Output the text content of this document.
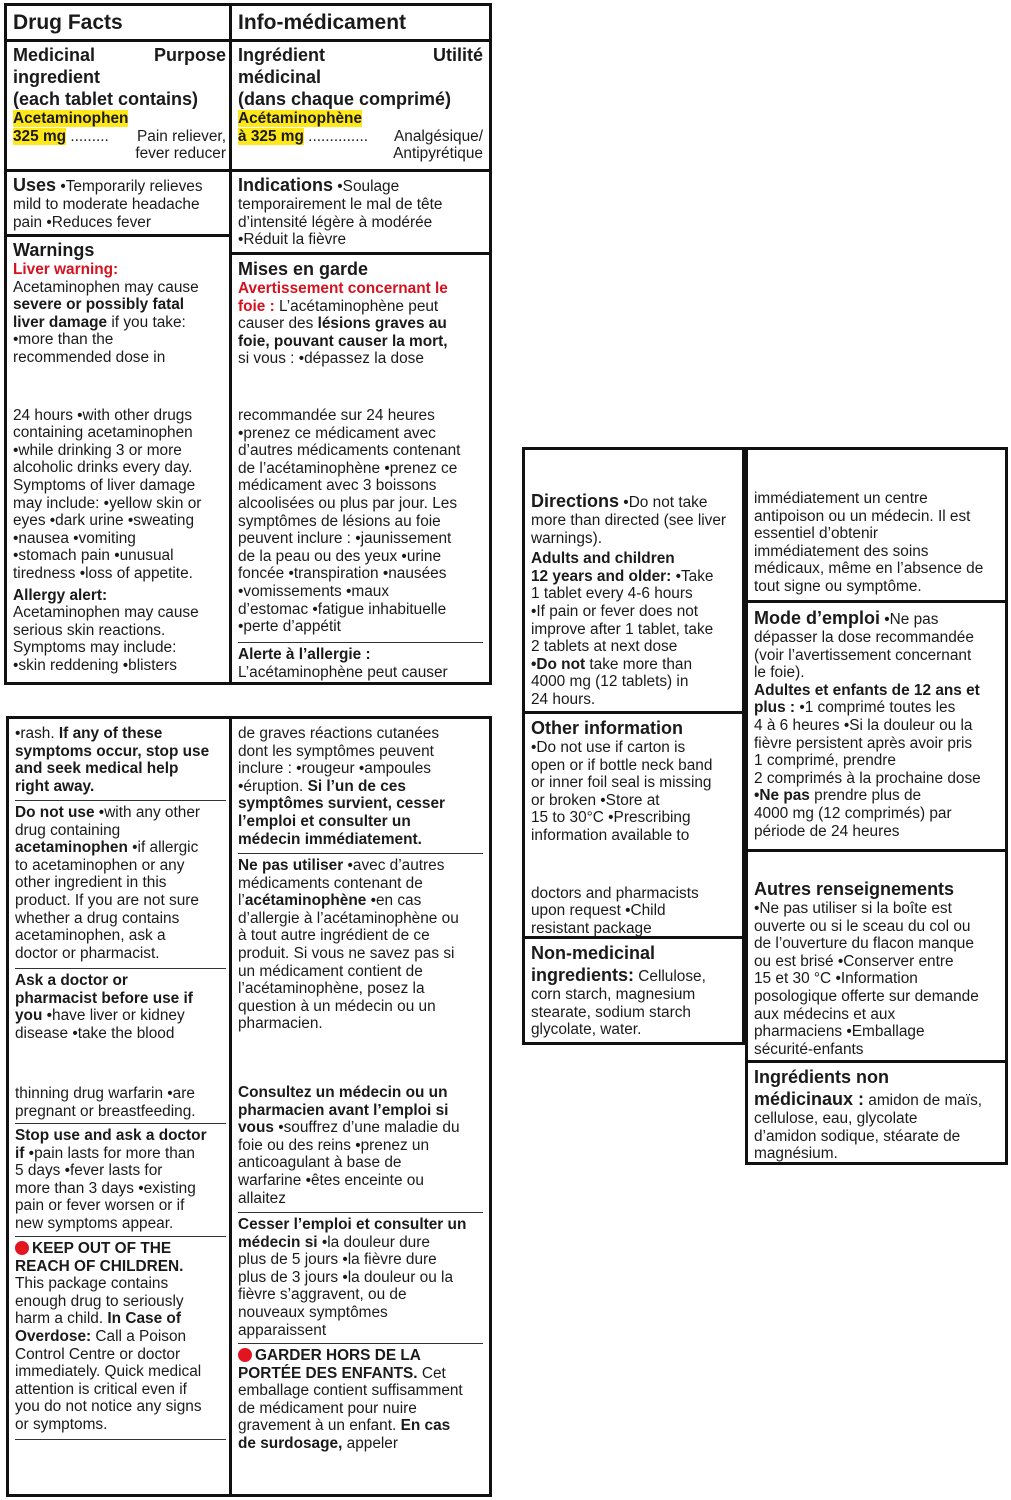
Drug Facts
Medicinal	Purpose
ingredient
(each tablet contains)
Acetaminophen
325 mg ......... Pain reliever,
fever reducer
Uses •Temporarily relieves
mild to moderate headache
pain •Reduces fever
Warnings
Liver warning:
Acetaminophen may cause
severe or possibly fatal
liver damage if you take:
•more than the
recommended dose in
24 hours •with other drugs
containing acetaminophen
•while drinking 3 or more
alcoholic drinks every day.
Symptoms of liver damage
may include: •yellow skin or
eyes •dark urine •sweating
•nausea •vomiting
•stomach pain •unusual
tiredness •loss of appetite.
Allergy alert:
Acetaminophen may cause
serious skin reactions.
Symptoms may include:
•skin reddening •blisters
Info-médicament
Ingrédient	Utilité
médicinal
(dans chaque comprimé)
Acétaminophène
à 325 mg .............. Analgésique/
Antipyrétique
Indications •Soulage
temporairement le mal de tête
d’intensité légère à modérée
•Réduit la fièvre
Mises en garde
Avertissement concernant le
foie : L’acétaminophène peut
causer des lésions graves au
foie, pouvant causer la mort,
si vous : •dépassez la dose
recommandée sur 24 heures
•prenez ce médicament avec
d’autres médicaments contenant
de l’acétaminophène •prenez ce
médicament avec 3 boissons
alcoolisées ou plus par jour. Les
symptômes de lésions au foie
peuvent inclure : •jaunissement
de la peau ou des yeux •urine
foncée •transpiration •nausées
•vomissements •maux
d’estomac •fatigue inhabituelle
•perte d’appétit
Alerte à l’allergie :
L’acétaminophène peut causer
•rash. If any of these
symptoms occur, stop use
and seek medical help
right away.
Do not use •with any other
drug containing
acetaminophen •if allergic
to acetaminophen or any
other ingredient in this
product. If you are not sure
whether a drug contains
acetaminophen, ask a
doctor or pharmacist.
Ask a doctor or
pharmacist before use if
you •have liver or kidney
disease •take the blood
thinning drug warfarin •are
pregnant or breastfeeding.
Stop use and ask a doctor
if •pain lasts for more than
5 days •fever lasts for
more than 3 days •existing
pain or fever worsen or if
new symptoms appear.
KEEP OUT OF THE
REACH OF CHILDREN.
This package contains
enough drug to seriously
harm a child. In Case of
Overdose: Call a Poison
Control Centre or doctor
immediately. Quick medical
attention is critical even if
you do not notice any signs
or symptoms.
de graves réactions cutanées
dont les symptômes peuvent
inclure : •rougeur •ampoules
•éruption. Si l’un de ces
symptômes survient, cesser
l’emploi et consulter un
médecin immédiatement.
Ne pas utiliser •avec d’autres
médicaments contenant de
l’acétaminophène •en cas
d’allergie à l’acétaminophène ou
à tout autre ingrédient de ce
produit. Si vous ne savez pas si
un médicament contient de
l’acétaminophène, posez la
question à un médecin ou un
pharmacien.
Consultez un médecin ou un
pharmacien avant l’emploi si
vous •souffrez d’une maladie du
foie ou des reins •prenez un
anticoagulant à base de
warfarine •êtes enceinte ou
allaitez
Cesser l’emploi et consulter un
médecin si •la douleur dure
plus de 5 jours •la fièvre dure
plus de 3 jours •la douleur ou la
fièvre s’aggravent, ou de
nouveaux symptômes
apparaissent
GARDER HORS DE LA
PORTÉE DES ENFANTS. Cet
emballage contient suffisamment
de médicament pour nuire
gravement à un enfant. En cas
de surdosage, appeler
Directions •Do not take
more than directed (see liver
warnings).
Adults and children
12 years and older: •Take
1 tablet every 4-6 hours
•If pain or fever does not
improve after 1 tablet, take
2 tablets at next dose
•Do not take more than
4000 mg (12 tablets) in
24 hours.
Other information
•Do not use if carton is
open or if bottle neck band
or inner foil seal is missing
or broken •Store at
15 to 30°C •Prescribing
information available to
doctors and pharmacists
upon request •Child
resistant package
Non-medicinal
ingredients: Cellulose,
corn starch, magnesium
stearate, sodium starch
glycolate, water.
immédiatement un centre
antipoison ou un médecin. Il est
essentiel d’obtenir
immédiatement des soins
médicaux, même en l’absence de
tout signe ou symptôme.
Mode d’emploi •Ne pas
dépasser la dose recommandée
(voir l’avertissement concernant
le foie).
Adultes et enfants de 12 ans et
plus : •1 comprimé toutes les
4 à 6 heures •Si la douleur ou la
fièvre persistent après avoir pris
1 comprimé, prendre
2 comprimés à la prochaine dose
•Ne pas prendre plus de
4000 mg (12 comprimés) par
période de 24 heures
Autres renseignements
•Ne pas utiliser si la boîte est
ouverte ou si le sceau du col ou
de l’ouverture du flacon manque
ou est brisé •Conserver entre
15 et 30 °C •Information
posologique offerte sur demande
aux médecins et aux
pharmaciens •Emballage
sécurité-enfants
Ingrédients non
médicinaux : amidon de maïs,
cellulose, eau, glycolate
d’amidon sodique, stéarate de
magnésium.
